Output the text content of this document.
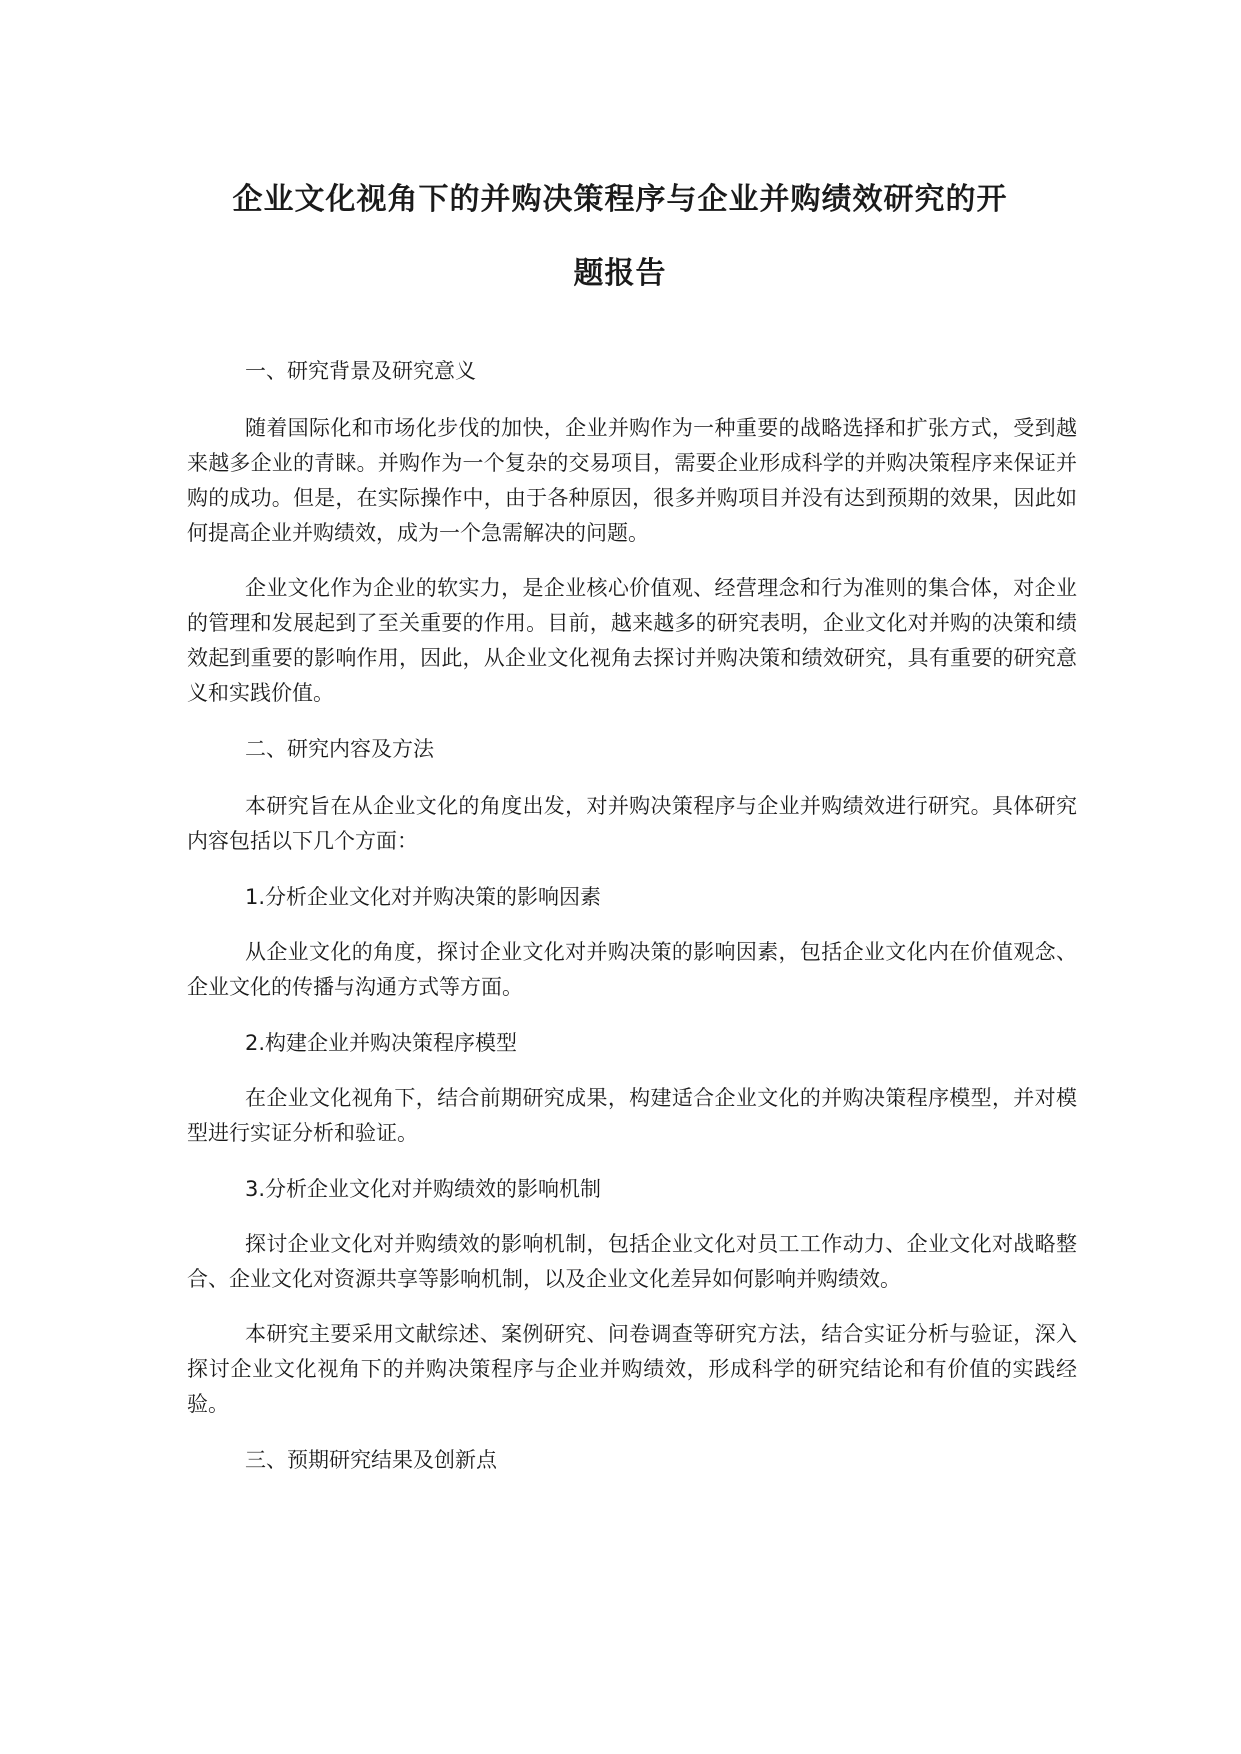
企业文化视角下的并购决策程序与企业并购绩效研究的开
题报告

一、研究背景及研究意义

随着国际化和市场化步伐的加快，企业并购作为一种重要的战略选择和扩张方式，受到越来越多企业的青睐。并购作为一个复杂的交易项目，需要企业形成科学的并购决策程序来保证并购的成功。但是，在实际操作中，由于各种原因，很多并购项目并没有达到预期的效果，因此如何提高企业并购绩效，成为一个急需解决的问题。

企业文化作为企业的软实力，是企业核心价值观、经营理念和行为准则的集合体，对企业的管理和发展起到了至关重要的作用。目前，越来越多的研究表明，企业文化对并购的决策和绩效起到重要的影响作用，因此，从企业文化视角去探讨并购决策和绩效研究，具有重要的研究意义和实践价值。

二、研究内容及方法

本研究旨在从企业文化的角度出发，对并购决策程序与企业并购绩效进行研究。具体研究内容包括以下几个方面：

1.分析企业文化对并购决策的影响因素

从企业文化的角度，探讨企业文化对并购决策的影响因素，包括企业文化内在价值观念、企业文化的传播与沟通方式等方面。

2.构建企业并购决策程序模型

在企业文化视角下，结合前期研究成果，构建适合企业文化的并购决策程序模型，并对模型进行实证分析和验证。

3.分析企业文化对并购绩效的影响机制

探讨企业文化对并购绩效的影响机制，包括企业文化对员工工作动力、企业文化对战略整合、企业文化对资源共享等影响机制，以及企业文化差异如何影响并购绩效。

本研究主要采用文献综述、案例研究、问卷调查等研究方法，结合实证分析与验证，深入探讨企业文化视角下的并购决策程序与企业并购绩效，形成科学的研究结论和有价值的实践经验。

三、预期研究结果及创新点
